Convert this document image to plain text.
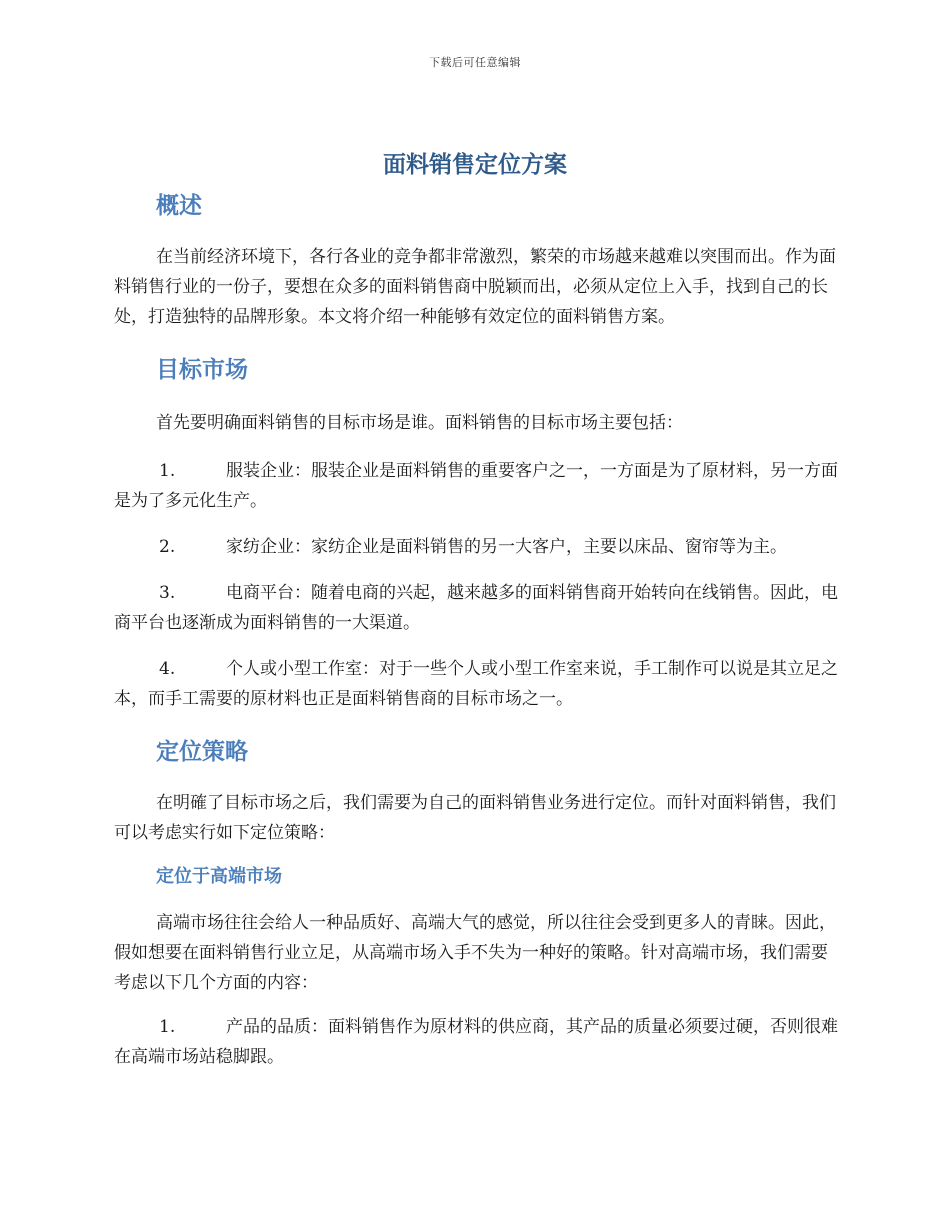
下载后可任意编辑
面料销售定位方案
概述

在当前经济环境下，各行各业的竞争都非常激烈，繁荣的市场越来越难以突围而出。作为面料销售行业的一份子，要想在众多的面料销售商中脱颖而出，必须从定位上入手，找到自己的长处，打造独特的品牌形象。本文将介绍一种能够有效定位的面料销售方案。

目标市场

首先要明确面料销售的目标市场是谁。面料销售的目标市场主要包括：

1.	服装企业：服装企业是面料销售的重要客户之一，一方面是为了原材料，另一方面是为了多元化生产。

2.	家纺企业：家纺企业是面料销售的另一大客户，主要以床品、窗帘等为主。

3.	电商平台：随着电商的兴起，越来越多的面料销售商开始转向在线销售。因此，电商平台也逐渐成为面料销售的一大渠道。

4.	个人或小型工作室：对于一些个人或小型工作室来说，手工制作可以说是其立足之本，而手工需要的原材料也正是面料销售商的目标市场之一。

定位策略

在明確了目标市场之后，我们需要为自己的面料销售业务进行定位。而针对面料销售，我们可以考虑实行如下定位策略：

定位于高端市场

高端市场往往会给人一种品质好、高端大气的感觉，所以往往会受到更多人的青睐。因此，假如想要在面料销售行业立足，从高端市场入手不失为一种好的策略。针对高端市场，我们需要考虑以下几个方面的内容：

1.	产品的品质：面料销售作为原材料的供应商，其产品的质量必须要过硬，否则很难在高端市场站稳脚跟。
